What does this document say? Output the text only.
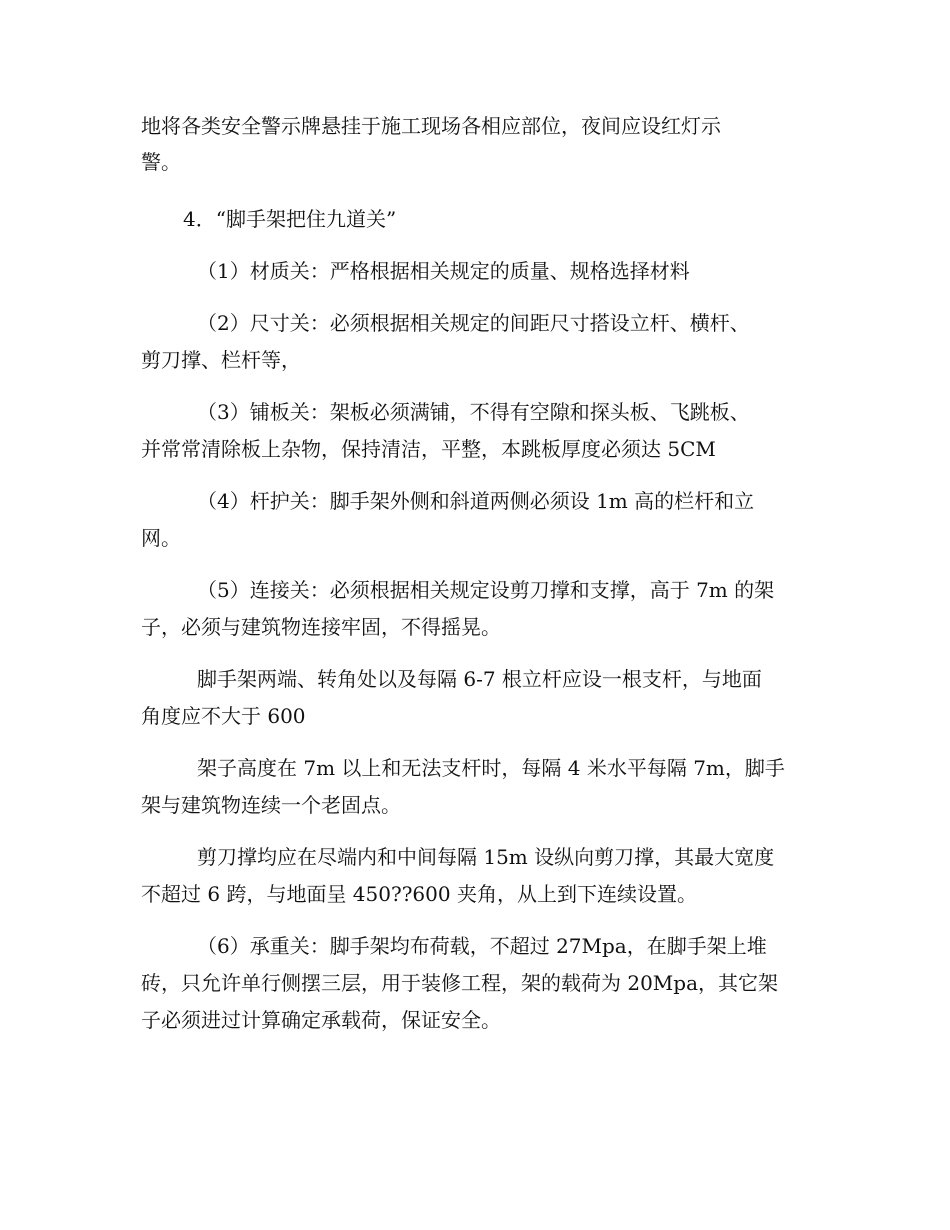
地将各类安全警示牌悬挂于施工现场各相应部位，夜间应设红灯示
警。
4．“脚手架把住九道关”
（1）材质关：严格根据相关规定的质量、规格选择材料
（2）尺寸关：必须根据相关规定的间距尺寸搭设立杆、横杆、
剪刀撑、栏杆等，
（3）铺板关：架板必须满铺，不得有空隙和探头板、飞跳板、
并常常清除板上杂物，保持清洁，平整，本跳板厚度必须达 5CM
（4）杆护关：脚手架外侧和斜道两侧必须设 1m 高的栏杆和立
网。
（5）连接关：必须根据相关规定设剪刀撑和支撑，高于 7m 的架
子，必须与建筑物连接牢固，不得摇晃。
脚手架两端、转角处以及每隔 6-7 根立杆应设一根支杆，与地面
角度应不大于 600
架子高度在 7m 以上和无法支杆时，每隔 4 米水平每隔 7m，脚手
架与建筑物连续一个老固点。
剪刀撑均应在尽端内和中间每隔 15m 设纵向剪刀撑，其最大宽度
不超过 6 跨，与地面呈 450??600 夹角，从上到下连续设置。
（6）承重关：脚手架均布荷载，不超过 27Mpa，在脚手架上堆
砖，只允许单行侧摆三层，用于装修工程，架的载荷为 20Mpa，其它架
子必须进过计算确定承载荷，保证安全。
